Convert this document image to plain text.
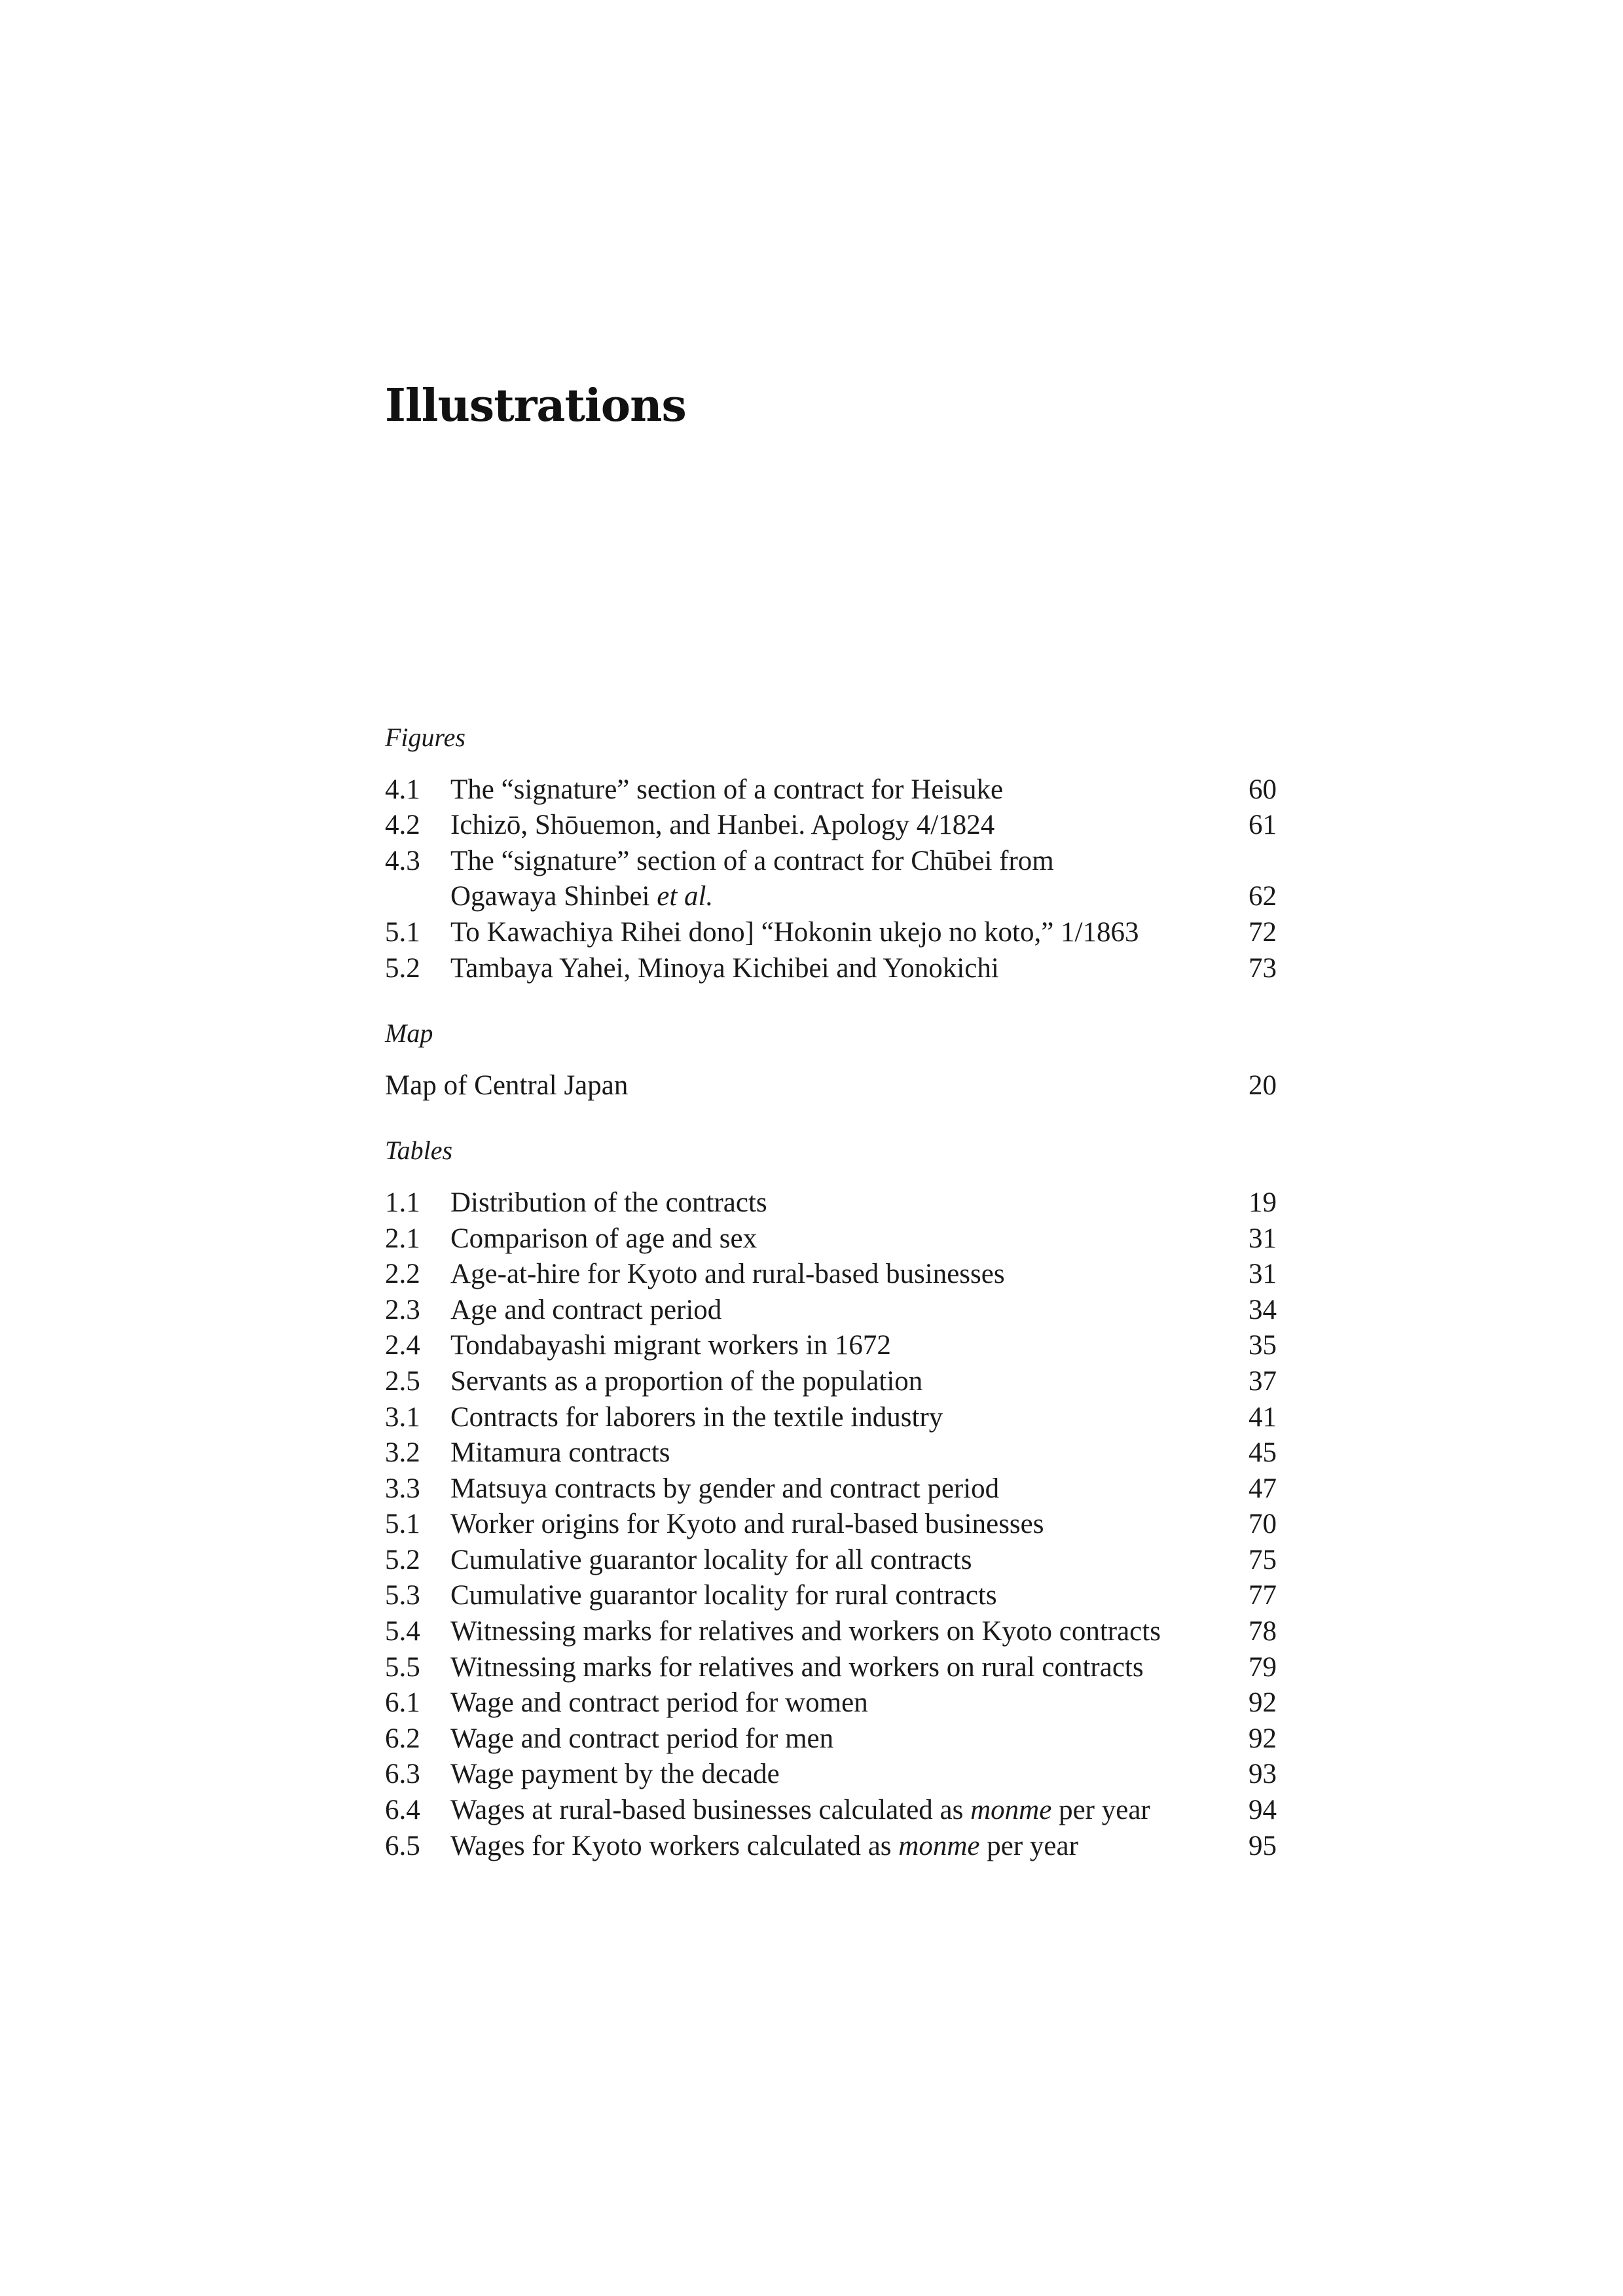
Illustrations
Figures
4.1	The “signature” section of a contract for Heisuke	60
4.2	Ichizō, Shōuemon, and Hanbei. Apology 4/1824	61
4.3	The “signature” section of a contract for Chūbei from
Ogawaya Shinbei et al.	62
5.1	To Kawachiya Rihei dono] “Hokonin ukejo no koto,” 1/1863	72
5.2	Tambaya Yahei, Minoya Kichibei and Yonokichi	73
Map
Map of Central Japan	20
Tables
1.1	Distribution of the contracts	19
2.1	Comparison of age and sex	31
2.2	Age-at-hire for Kyoto and rural-based businesses	31
2.3	Age and contract period	34
2.4	Tondabayashi migrant workers in 1672	35
2.5	Servants as a proportion of the population	37
3.1	Contracts for laborers in the textile industry	41
3.2	Mitamura contracts	45
3.3	Matsuya contracts by gender and contract period	47
5.1	Worker origins for Kyoto and rural-based businesses	70
5.2	Cumulative guarantor locality for all contracts	75
5.3	Cumulative guarantor locality for rural contracts	77
5.4	Witnessing marks for relatives and workers on Kyoto contracts	78
5.5	Witnessing marks for relatives and workers on rural contracts	79
6.1	Wage and contract period for women	92
6.2	Wage and contract period for men	92
6.3	Wage payment by the decade	93
6.4	Wages at rural-based businesses calculated as monme per year	94
6.5	Wages for Kyoto workers calculated as monme per year	95
